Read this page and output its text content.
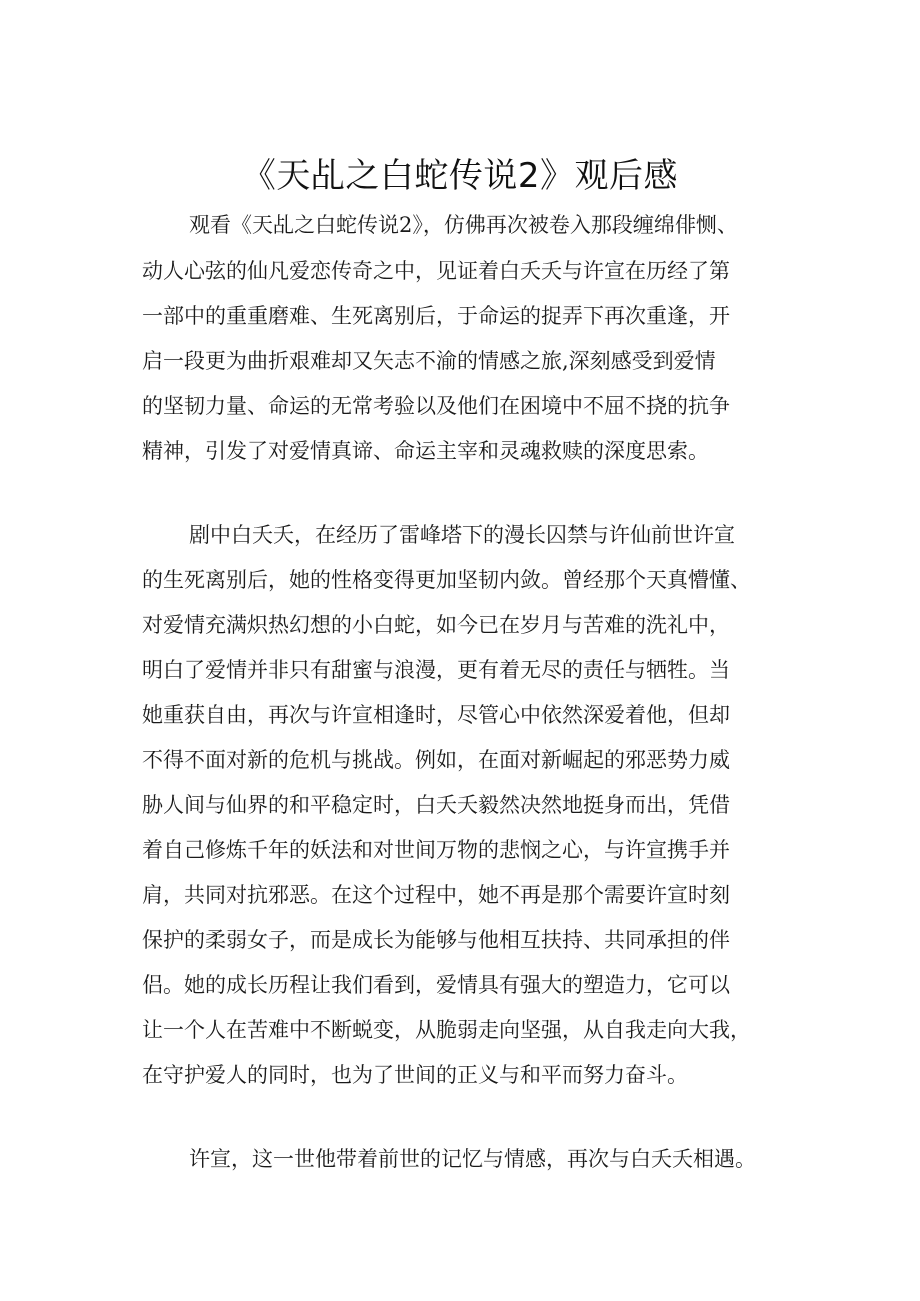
《天乩之白蛇传说2》观后感
观看《天乩之白蛇传说2》，仿佛再次被卷入那段缠绵俳恻、
动人心弦的仙凡爱恋传奇之中，见证着白夭夭与许宣在历经了第
一部中的重重磨难、生死离别后，于命运的捉弄下再次重逢，开
启一段更为曲折艰难却又矢志不渝的情感之旅,深刻感受到爱情
的坚韧力量、命运的无常考验以及他们在困境中不屈不挠的抗争
精神，引发了对爱情真谛、命运主宰和灵魂救赎的深度思索。
剧中白夭夭，在经历了雷峰塔下的漫长囚禁与许仙前世许宣
的生死离别后，她的性格变得更加坚韧内敛。曾经那个天真懵懂、
对爱情充满炽热幻想的小白蛇，如今已在岁月与苦难的洗礼中，
明白了爱情并非只有甜蜜与浪漫，更有着无尽的责任与牺牲。当
她重获自由，再次与许宣相逢时，尽管心中依然深爱着他，但却
不得不面对新的危机与挑战。例如，在面对新崛起的邪恶势力威
胁人间与仙界的和平稳定时，白夭夭毅然决然地挺身而出，凭借
着自己修炼千年的妖法和对世间万物的悲悯之心，与许宣携手并
肩，共同对抗邪恶。在这个过程中，她不再是那个需要许宣时刻
保护的柔弱女子，而是成长为能够与他相互扶持、共同承担的伴
侣。她的成长历程让我们看到，爱情具有强大的塑造力，它可以
让一个人在苦难中不断蜕变，从脆弱走向坚强，从自我走向大我，
在守护爱人的同时，也为了世间的正义与和平而努力奋斗。
许宣，这一世他带着前世的记忆与情感，再次与白夭夭相遇。
